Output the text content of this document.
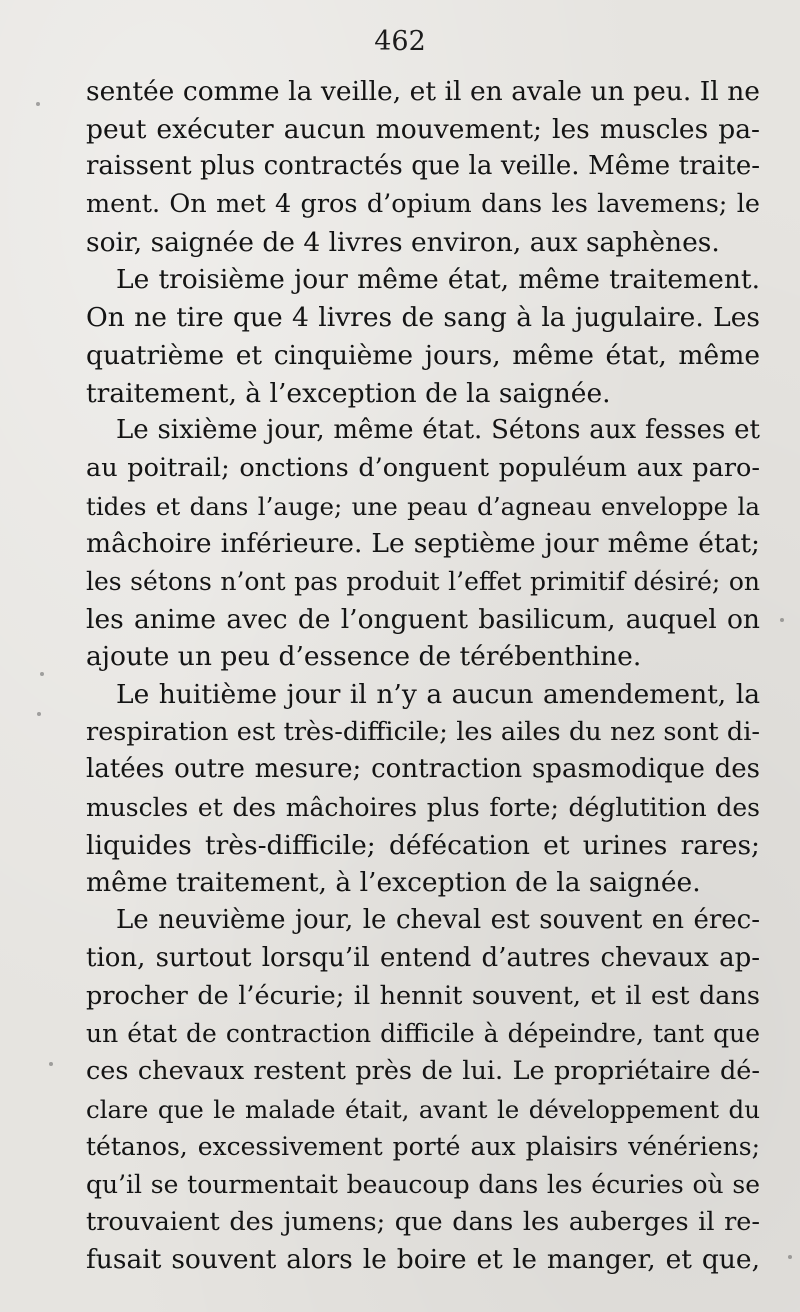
462
sentée comme la veille, et il en avale un peu. Il ne
peut exécuter aucun mouvement; les muscles pa-
raissent plus contractés que la veille. Même traite-
ment. On met 4 gros d’opium dans les lavemens; le
soir, saignée de 4 livres environ, aux saphènes.
Le troisième jour même état, même traitement.
On ne tire que 4 livres de sang à la jugulaire. Les
quatrième et cinquième jours, même état, même
traitement, à l’exception de la saignée.
Le sixième jour, même état. Sétons aux fesses et
au poitrail; onctions d’onguent populéum aux paro-
tides et dans l’auge; une peau d’agneau enveloppe la
mâchoire inférieure. Le septième jour même état;
les sétons n’ont pas produit l’effet primitif désiré; on
les anime avec de l’onguent basilicum, auquel on
ajoute un peu d’essence de térébenthine.
Le huitième jour il n’y a aucun amendement, la
respiration est très-difficile; les ailes du nez sont di-
latées outre mesure; contraction spasmodique des
muscles et des mâchoires plus forte; déglutition des
liquides très-difficile; défécation et urines rares;
même traitement, à l’exception de la saignée.
Le neuvième jour, le cheval est souvent en érec-
tion, surtout lorsqu’il entend d’autres chevaux ap-
procher de l’écurie; il hennit souvent, et il est dans
un état de contraction difficile à dépeindre, tant que
ces chevaux restent près de lui. Le propriétaire dé-
clare que le malade était, avant le développement du
tétanos, excessivement porté aux plaisirs vénériens;
qu’il se tourmentait beaucoup dans les écuries où se
trouvaient des jumens; que dans les auberges il re-
fusait souvent alors le boire et le manger, et que,
